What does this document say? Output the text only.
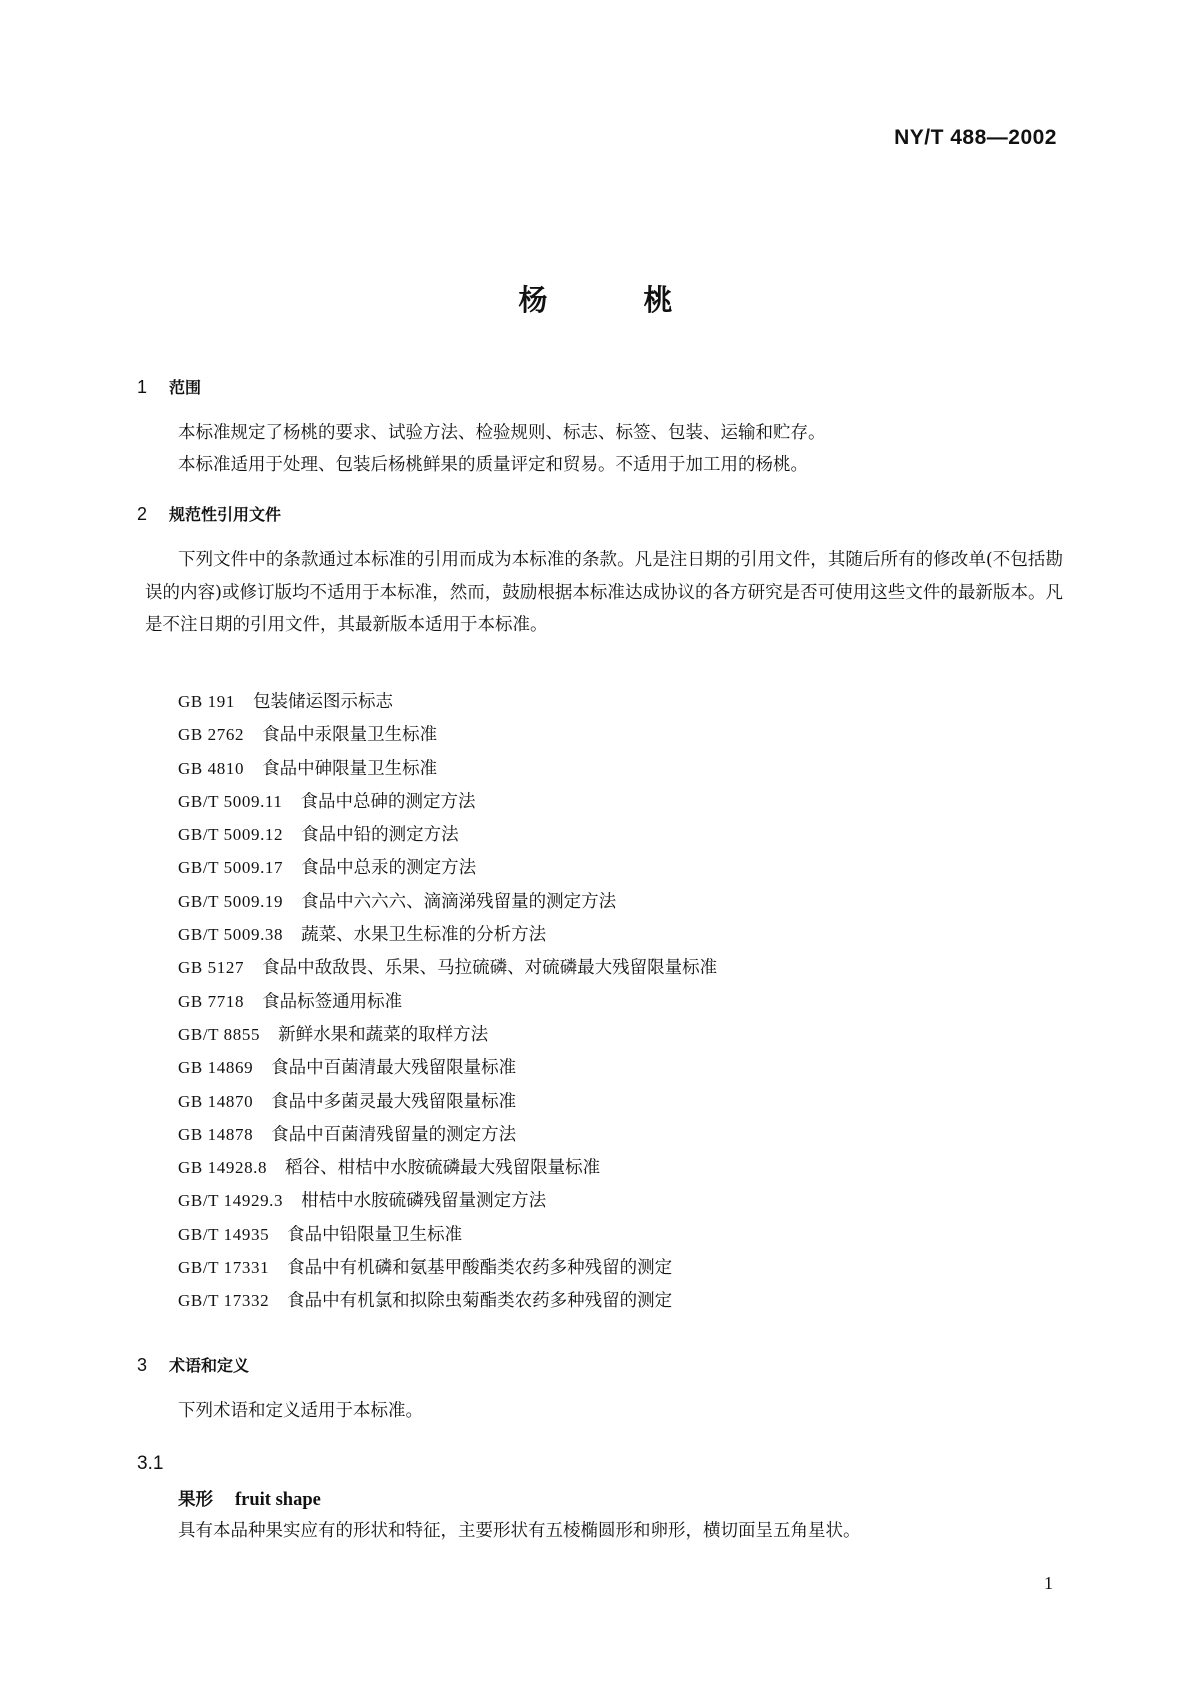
NY/T 488—2002
杨	桃
1 范围
本标准规定了杨桃的要求、试验方法、检验规则、标志、标签、包装、运输和贮存。
本标准适用于处理、包装后杨桃鲜果的质量评定和贸易。不适用于加工用的杨桃。
2 规范性引用文件
下列文件中的条款通过本标准的引用而成为本标准的条款。凡是注日期的引用文件，其随后所有的修改单(不包括勘误的内容)或修订版均不适用于本标准，然而，鼓励根据本标准达成协议的各方研究是否可使用这些文件的最新版本。凡是不注日期的引用文件，其最新版本适用于本标准。
GB 191 包装储运图示标志
GB 2762 食品中汞限量卫生标准
GB 4810 食品中砷限量卫生标准
GB/T 5009.11 食品中总砷的测定方法
GB/T 5009.12 食品中铅的测定方法
GB/T 5009.17 食品中总汞的测定方法
GB/T 5009.19 食品中六六六、滴滴涕残留量的测定方法
GB/T 5009.38 蔬菜、水果卫生标准的分析方法
GB 5127 食品中敌敌畏、乐果、马拉硫磷、对硫磷最大残留限量标准
GB 7718 食品标签通用标准
GB/T 8855 新鲜水果和蔬菜的取样方法
GB 14869 食品中百菌清最大残留限量标准
GB 14870 食品中多菌灵最大残留限量标准
GB 14878 食品中百菌清残留量的测定方法
GB 14928.8 稻谷、柑桔中水胺硫磷最大残留限量标准
GB/T 14929.3 柑桔中水胺硫磷残留量测定方法
GB/T 14935 食品中铅限量卫生标准
GB/T 17331 食品中有机磷和氨基甲酸酯类农药多种残留的测定
GB/T 17332 食品中有机氯和拟除虫菊酯类农药多种残留的测定
3 术语和定义
下列术语和定义适用于本标准。
3.1
果形 fruit shape
具有本品种果实应有的形状和特征，主要形状有五棱椭圆形和卵形，横切面呈五角星状。
1
